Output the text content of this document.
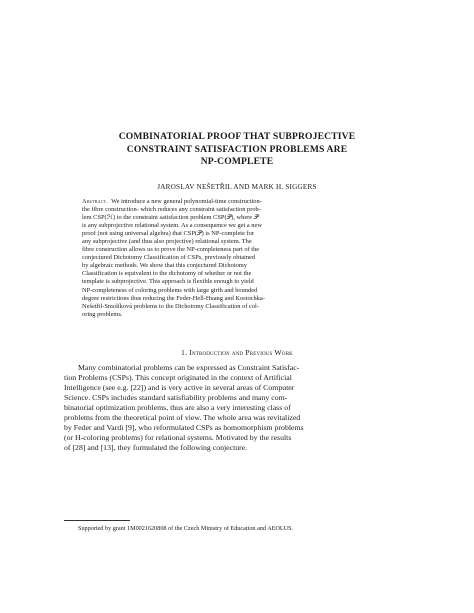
COMBINATORIAL PROOF THAT SUBPROJECTIVE
CONSTRAINT SATISFACTION PROBLEMS ARE
NP-COMPLETE
JAROSLAV NEŠETŘIL AND MARK H. SIGGERS
Abstract. We introduce a new general polynomial-time construction-
the fibre construction- which reduces any constraint satisfaction prob-
lem CSP(ℋ) to the constraint satisfaction problem CSP(𝒫), where 𝒫
is any subprojective relational system. As a consequence we get a new
proof (not using universal algebra) that CSP(𝒫) is NP-complete for
any subprojective (and thus also projective) relational system. The
fibre construction allows us to prove the NP-completeness part of the
conjectured Dichotomy Classification of CSPs, previously obtained
by algebraic methods. We show that this conjectured Dichotomy
Classification is equivalent to the dichotomy of whether or not the
template is subprojective. This approach is flexible enough to yield
NP-completeness of coloring problems with large girth and bounded
degree restrictions thus reducing the Feder-Hell-Huang and Kostochka-
Nešetřil-Smolíková problems to the Dichotomy Classification of col-
oring problems.
1. Introduction and Previous Work
Many combinatorial problems can be expressed as Constraint Satisfac-
tion Problems (CSPs). This concept originated in the context of Artificial
Intelligence (see e.g. [22]) and is very active in several areas of Computer
Science. CSPs includes standard satisfiability problems and many com-
binatorial optimization problems, thus are also a very interesting class of
problems from the theoretical point of view. The whole area was revitalized
by Feder and Vardi [9], who reformulated CSPs as homomorphism problems
(or H-coloring problems) for relational systems. Motivated by the results
of [28] and [13], they formulated the following conjecture.
Supported by grant 1M0021620808 of the Czech Ministry of Education and AEOLUS.
